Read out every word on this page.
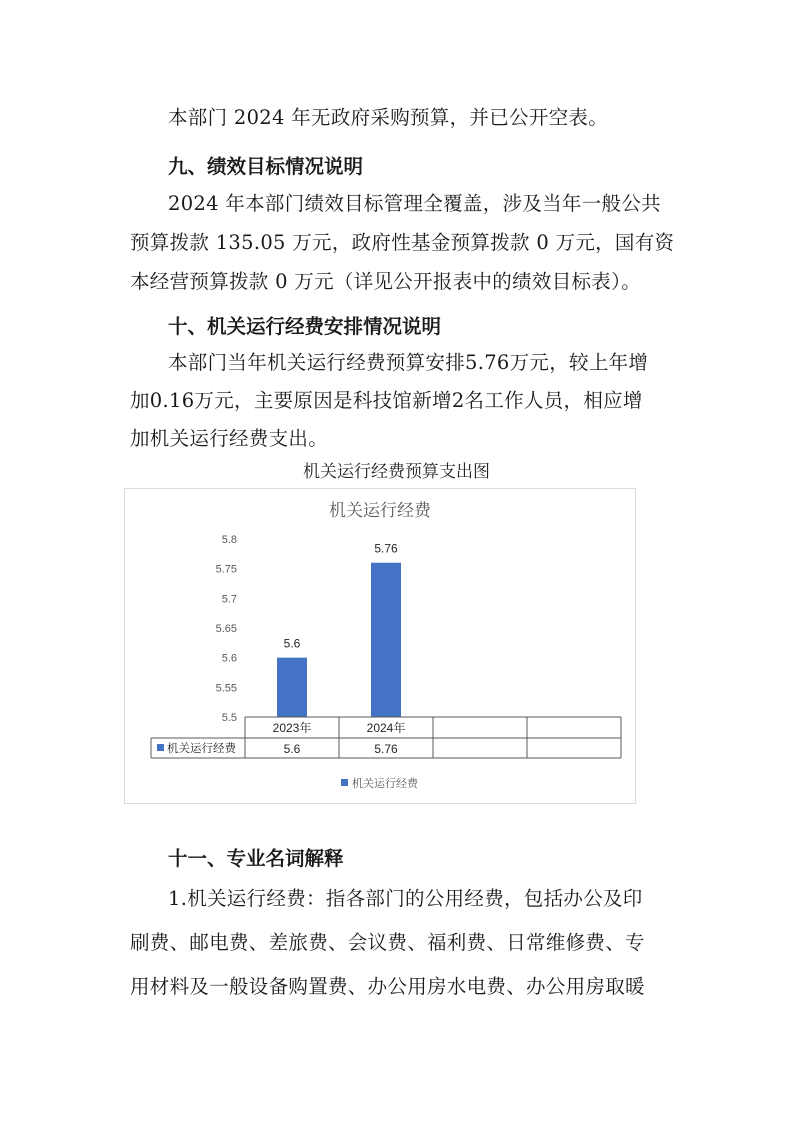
本部门 2024 年无政府采购预算，并已公开空表。
九、绩效目标情况说明
2024 年本部门绩效目标管理全覆盖，涉及当年一般公共
预算拨款 135.05 万元，政府性基金预算拨款 0 万元，国有资
本经营预算拨款 0 万元（详见公开报表中的绩效目标表）。
十、机关运行经费安排情况说明
本部门当年机关运行经费预算安排5.76万元，较上年增
加0.16万元，主要原因是科技馆新增2名工作人员，相应增
加机关运行经费支出。
机关运行经费预算支出图
机关运行经费
5.5
5.55
5.6
5.65
5.7
5.75
5.8
5.6
5.76
2023年	2024年
机关运行经费	5.6	5.76
机关运行经费
十一、专业名词解释
1.机关运行经费：指各部门的公用经费，包括办公及印
刷费、邮电费、差旅费、会议费、福利费、日常维修费、专
用材料及一般设备购置费、办公用房水电费、办公用房取暖
